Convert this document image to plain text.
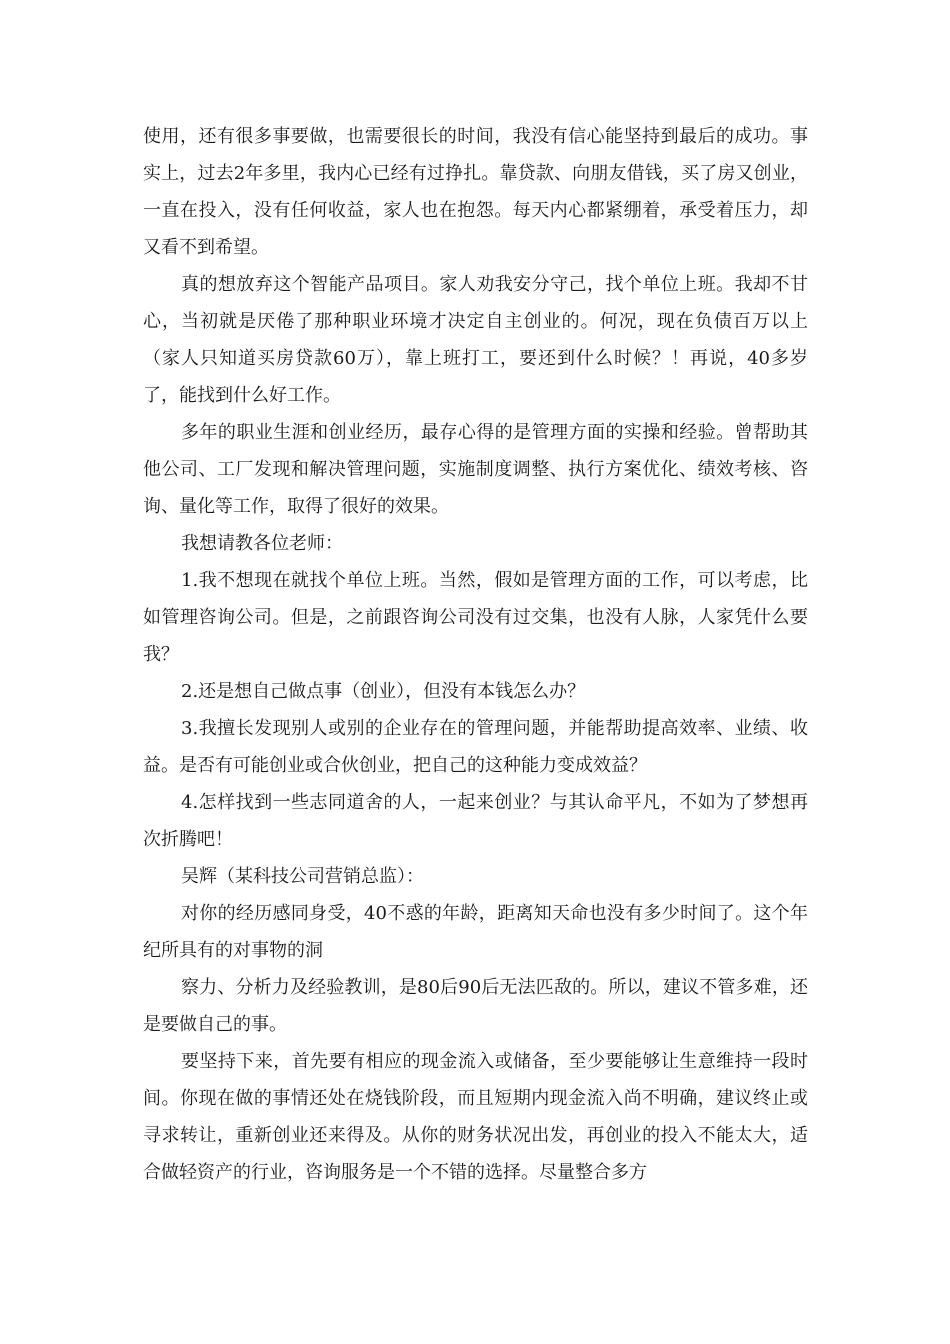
使用，还有很多事要做，也需要很长的时间，我没有信心能坚持到最后的成功。事实上，过去2年多里，我内心已经有过挣扎。靠贷款、向朋友借钱，买了房又创业，一直在投入，没有任何收益，家人也在抱怨。每天内心都紧绷着，承受着压力，却又看不到希望。

真的想放弃这个智能产品项目。家人劝我安分守己，找个单位上班。我却不甘心，当初就是厌倦了那种职业环境才决定自主创业的。何况，现在负债百万以上（家人只知道买房贷款60万），靠上班打工，要还到什么时候？！再说，40多岁了，能找到什么好工作。

多年的职业生涯和创业经历，最存心得的是管理方面的实操和经验。曾帮助其他公司、工厂发现和解决管理问题，实施制度调整、执行方案优化、绩效考核、咨询、量化等工作，取得了很好的效果。

我想请教各位老师：

1.我不想现在就找个单位上班。当然，假如是管理方面的工作，可以考虑，比如管理咨询公司。但是，之前跟咨询公司没有过交集，也没有人脉，人家凭什么要我？

2.还是想自己做点事（创业），但没有本钱怎么办？

3.我擅长发现别人或别的企业存在的管理问题，并能帮助提高效率、业绩、收益。是否有可能创业或合伙创业，把自己的这种能力变成效益？

4.怎样找到一些志同道舍的人，一起来创业？与其认命平凡，不如为了梦想再次折腾吧！

吴辉（某科技公司营销总监）：

对你的经历感同身受，40不惑的年龄，距离知天命也没有多少时间了。这个年纪所具有的对事物的洞

察力、分析力及经验教训，是80后90后无法匹敌的。所以，建议不管多难，还是要做自己的事。

要坚持下来，首先要有相应的现金流入或储备，至少要能够让生意维持一段时间。你现在做的事情还处在烧钱阶段，而且短期内现金流入尚不明确，建议终止或寻求转让，重新创业还来得及。从你的财务状况出发，再创业的投入不能太大，适合做轻资产的行业，咨询服务是一个不错的选择。尽量整合多方
